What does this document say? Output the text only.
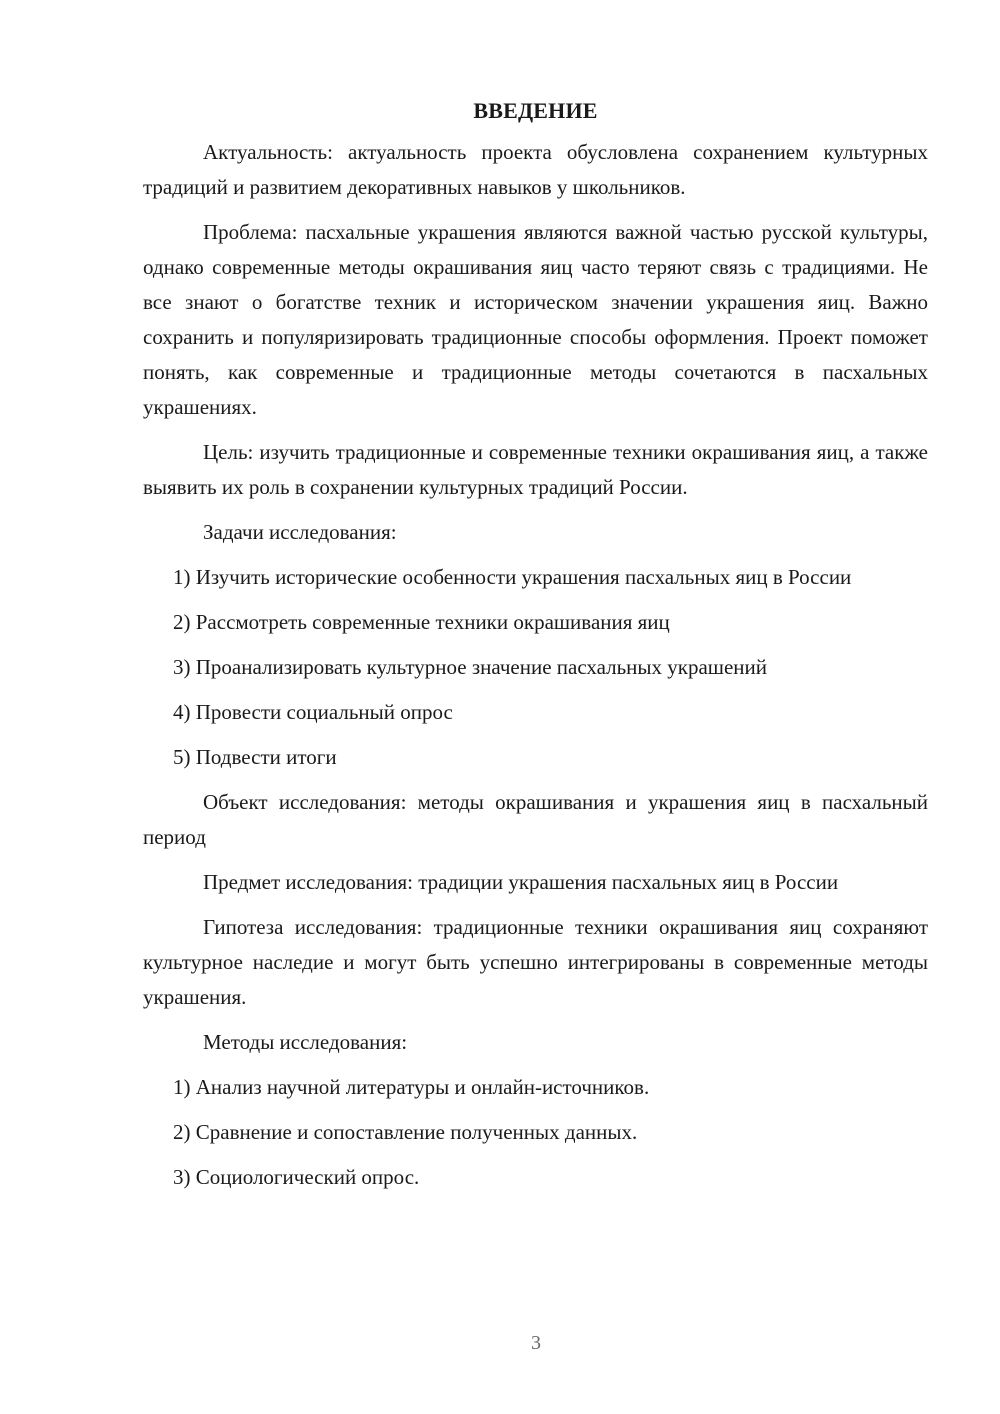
ВВЕДЕНИЕ

Актуальность: актуальность проекта обусловлена сохранением культурных традиций и развитием декоративных навыков у школьников.

Проблема: пасхальные украшения являются важной частью русской культуры, однако современные методы окрашивания яиц часто теряют связь с традициями. Не все знают о богатстве техник и историческом значении украшения яиц. Важно сохранить и популяризировать традиционные способы оформления. Проект поможет понять, как современные и традиционные методы сочетаются в пасхальных украшениях.

Цель: изучить традиционные и современные техники окрашивания яиц, а также выявить их роль в сохранении культурных традиций России.

Задачи исследования:

1) Изучить исторические особенности украшения пасхальных яиц в России

2) Рассмотреть современные техники окрашивания яиц

3) Проанализировать культурное значение пасхальных украшений

4) Провести социальный опрос

5) Подвести итоги

Объект исследования: методы окрашивания и украшения яиц в пасхальный период

Предмет исследования: традиции украшения пасхальных яиц в России

Гипотеза исследования: традиционные техники окрашивания яиц сохраняют культурное наследие и могут быть успешно интегрированы в современные методы украшения.

Методы исследования:

1) Анализ научной литературы и онлайн-источников.

2) Сравнение и сопоставление полученных данных.

3) Социологический опрос.

3
